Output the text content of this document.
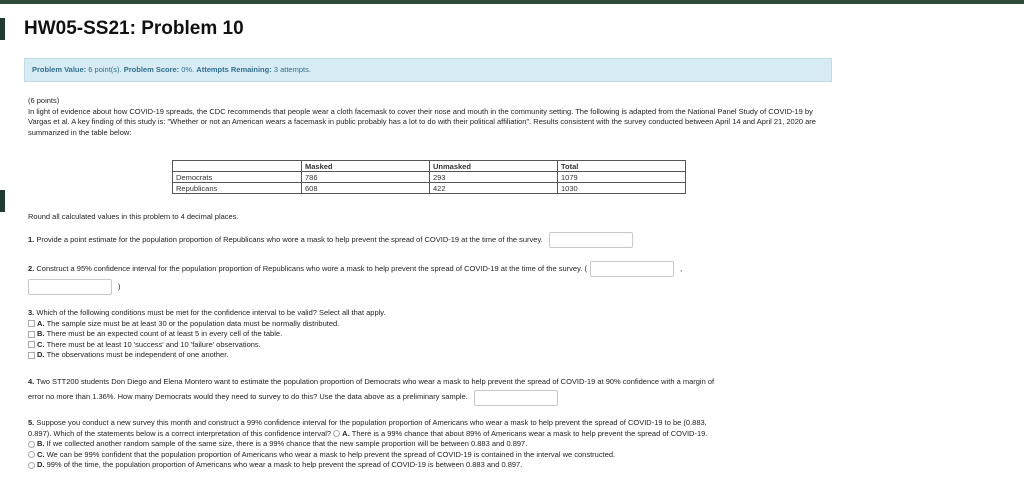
HW05-SS21: Problem 10
Problem Value: 6 point(s). Problem Score: 0%. Attempts Remaining: 3 attempts.
(6 points)
In light of evidence about how COVID-19 spreads, the CDC recommends that people wear a cloth facemask to cover their nose and mouth in the community setting. The following is adapted from the National Panel Study of COVID-19 by Vargas et al. A key finding of this study is: "Whether or not an American wears a facemask in public probably has a lot to do with their political affiliation". Results consistent with the survey conducted between April 14 and April 21, 2020 are summarized in the table below:
	Masked	Unmasked	Total
Democrats	786	293	1079
Republicans	608	422	1030
Round all calculated values in this problem to 4 decimal places.
1.
Provide a point estimate for the population proportion of Republicans who wore a mask to help prevent the spread of COVID-19 at the time of the survey.
2.
Construct a 95% confidence interval for the population proportion of Republicans who wore a mask to help prevent the spread of COVID-19 at the time of the survey.
(	,
)
3. Which of the following conditions must be met for the confidence interval to be valid? Select all that apply.
A.
The sample size must be at least 30 or the population data must be normally distributed.
B.
There must be an expected count of at least 5 in every cell of the table.
C.
There must be at least 10 'success' and 10 'failure' observations.
D.
The observations must be independent of one another.
4. Two STT200 students Don Diego and Elena Montero want to estimate the population proportion of Democrats who wear a mask to help prevent the spread of COVID-19 at 90% confidence with a margin of
error no more than 1.36%. How many Democrats would they need to survey to do this? Use the data above as a preliminary sample.
5. Suppose you conduct a new survey this month and construct a 99% confidence interval for the population proportion of Americans who wear a mask to help prevent the spread of COVID-19 to be (0.883,
0.897). Which of the statements below is a correct interpretation of this confidence interval?
A.
There is a 99% chance that about 89% of Americans wear a mask to help prevent the spread of COVID-19.
B.
If we collected another random sample of the same size, there is a 99% chance that the new sample proportion will be between 0.883 and 0.897.
C.
We can be 99% confident that the population proportion of Americans who wear a mask to help prevent the spread of COVID-19 is contained in the interval we constructed.
D.
99% of the time, the population proportion of Americans who wear a mask to help prevent the spread of COVID-19 is between 0.883 and 0.897.
